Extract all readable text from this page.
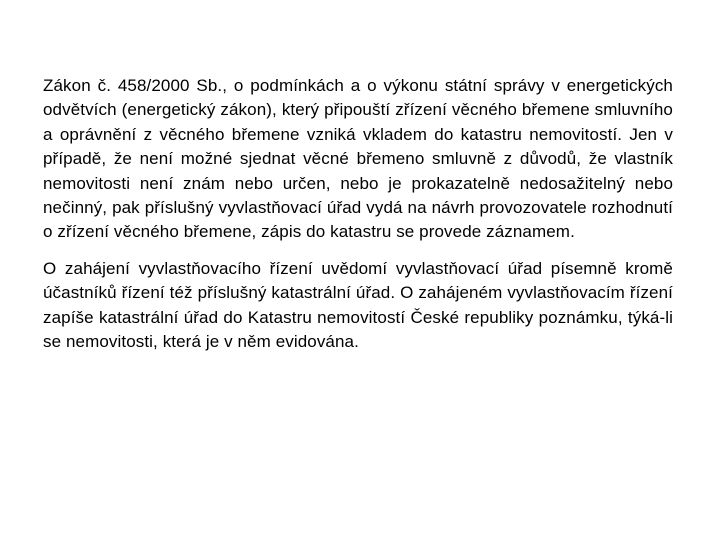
Zákon č. 458/2000 Sb., o podmínkách a o výkonu státní správy v energetických odvětvích (energetický zákon), který připouští zřízení věcného břemene smluvního a oprávnění z věcného břemene vzniká vkladem do katastru nemovitostí. Jen v případě, že není možné sjednat věcné břemeno smluvně z důvodů, že vlastník nemovitosti není znám nebo určen, nebo je prokazatelně nedosažitelný nebo nečinný, pak příslušný vyvlastňovací úřad vydá na návrh provozovatele rozhodnutí o zřízení věcného břemene, zápis do katastru se provede záznamem.

O zahájení vyvlastňovacího řízení uvědomí vyvlastňovací úřad písemně kromě účastníků řízení též příslušný katastrální úřad. O zahájeném vyvlastňovacím řízení zapíše katastrální úřad do Katastru nemovitostí České republiky poznámku, týká-li se nemovitosti, která je v něm evidována.
